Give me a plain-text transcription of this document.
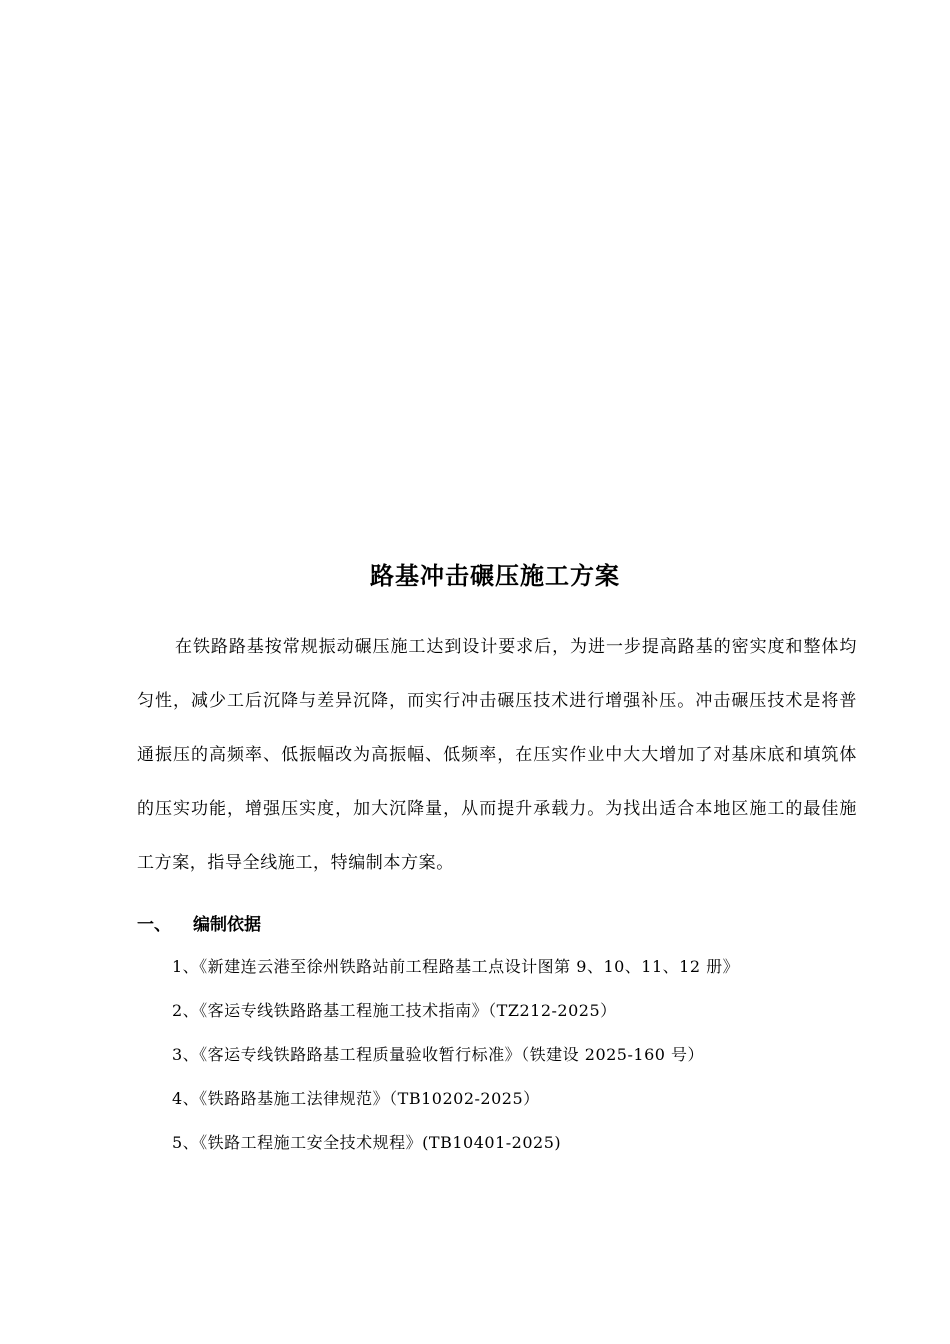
路基冲击碾压施工方案

在铁路路基按常规振动碾压施工达到设计要求后，为进一步提高路基的密实度和整体均匀性，减少工后沉降与差异沉降，而实行冲击碾压技术进行增强补压。冲击碾压技术是将普通振压的高频率、低振幅改为高振幅、低频率，在压实作业中大大增加了对基床底和填筑体的压实功能，增强压实度，加大沉降量，从而提升承载力。为找出适合本地区施工的最佳施工方案，指导全线施工，特编制本方案。

一、 编制依据
1、《新建连云港至徐州铁路站前工程路基工点设计图第 9、10、11、12 册》
2、《客运专线铁路路基工程施工技术指南》（TZ212-2025）
3、《客运专线铁路路基工程质量验收暂行标准》（铁建设 2025-160 号）
4、《铁路路基施工法律规范》（TB10202-2025）
5、《铁路工程施工安全技术规程》(TB10401-2025)
